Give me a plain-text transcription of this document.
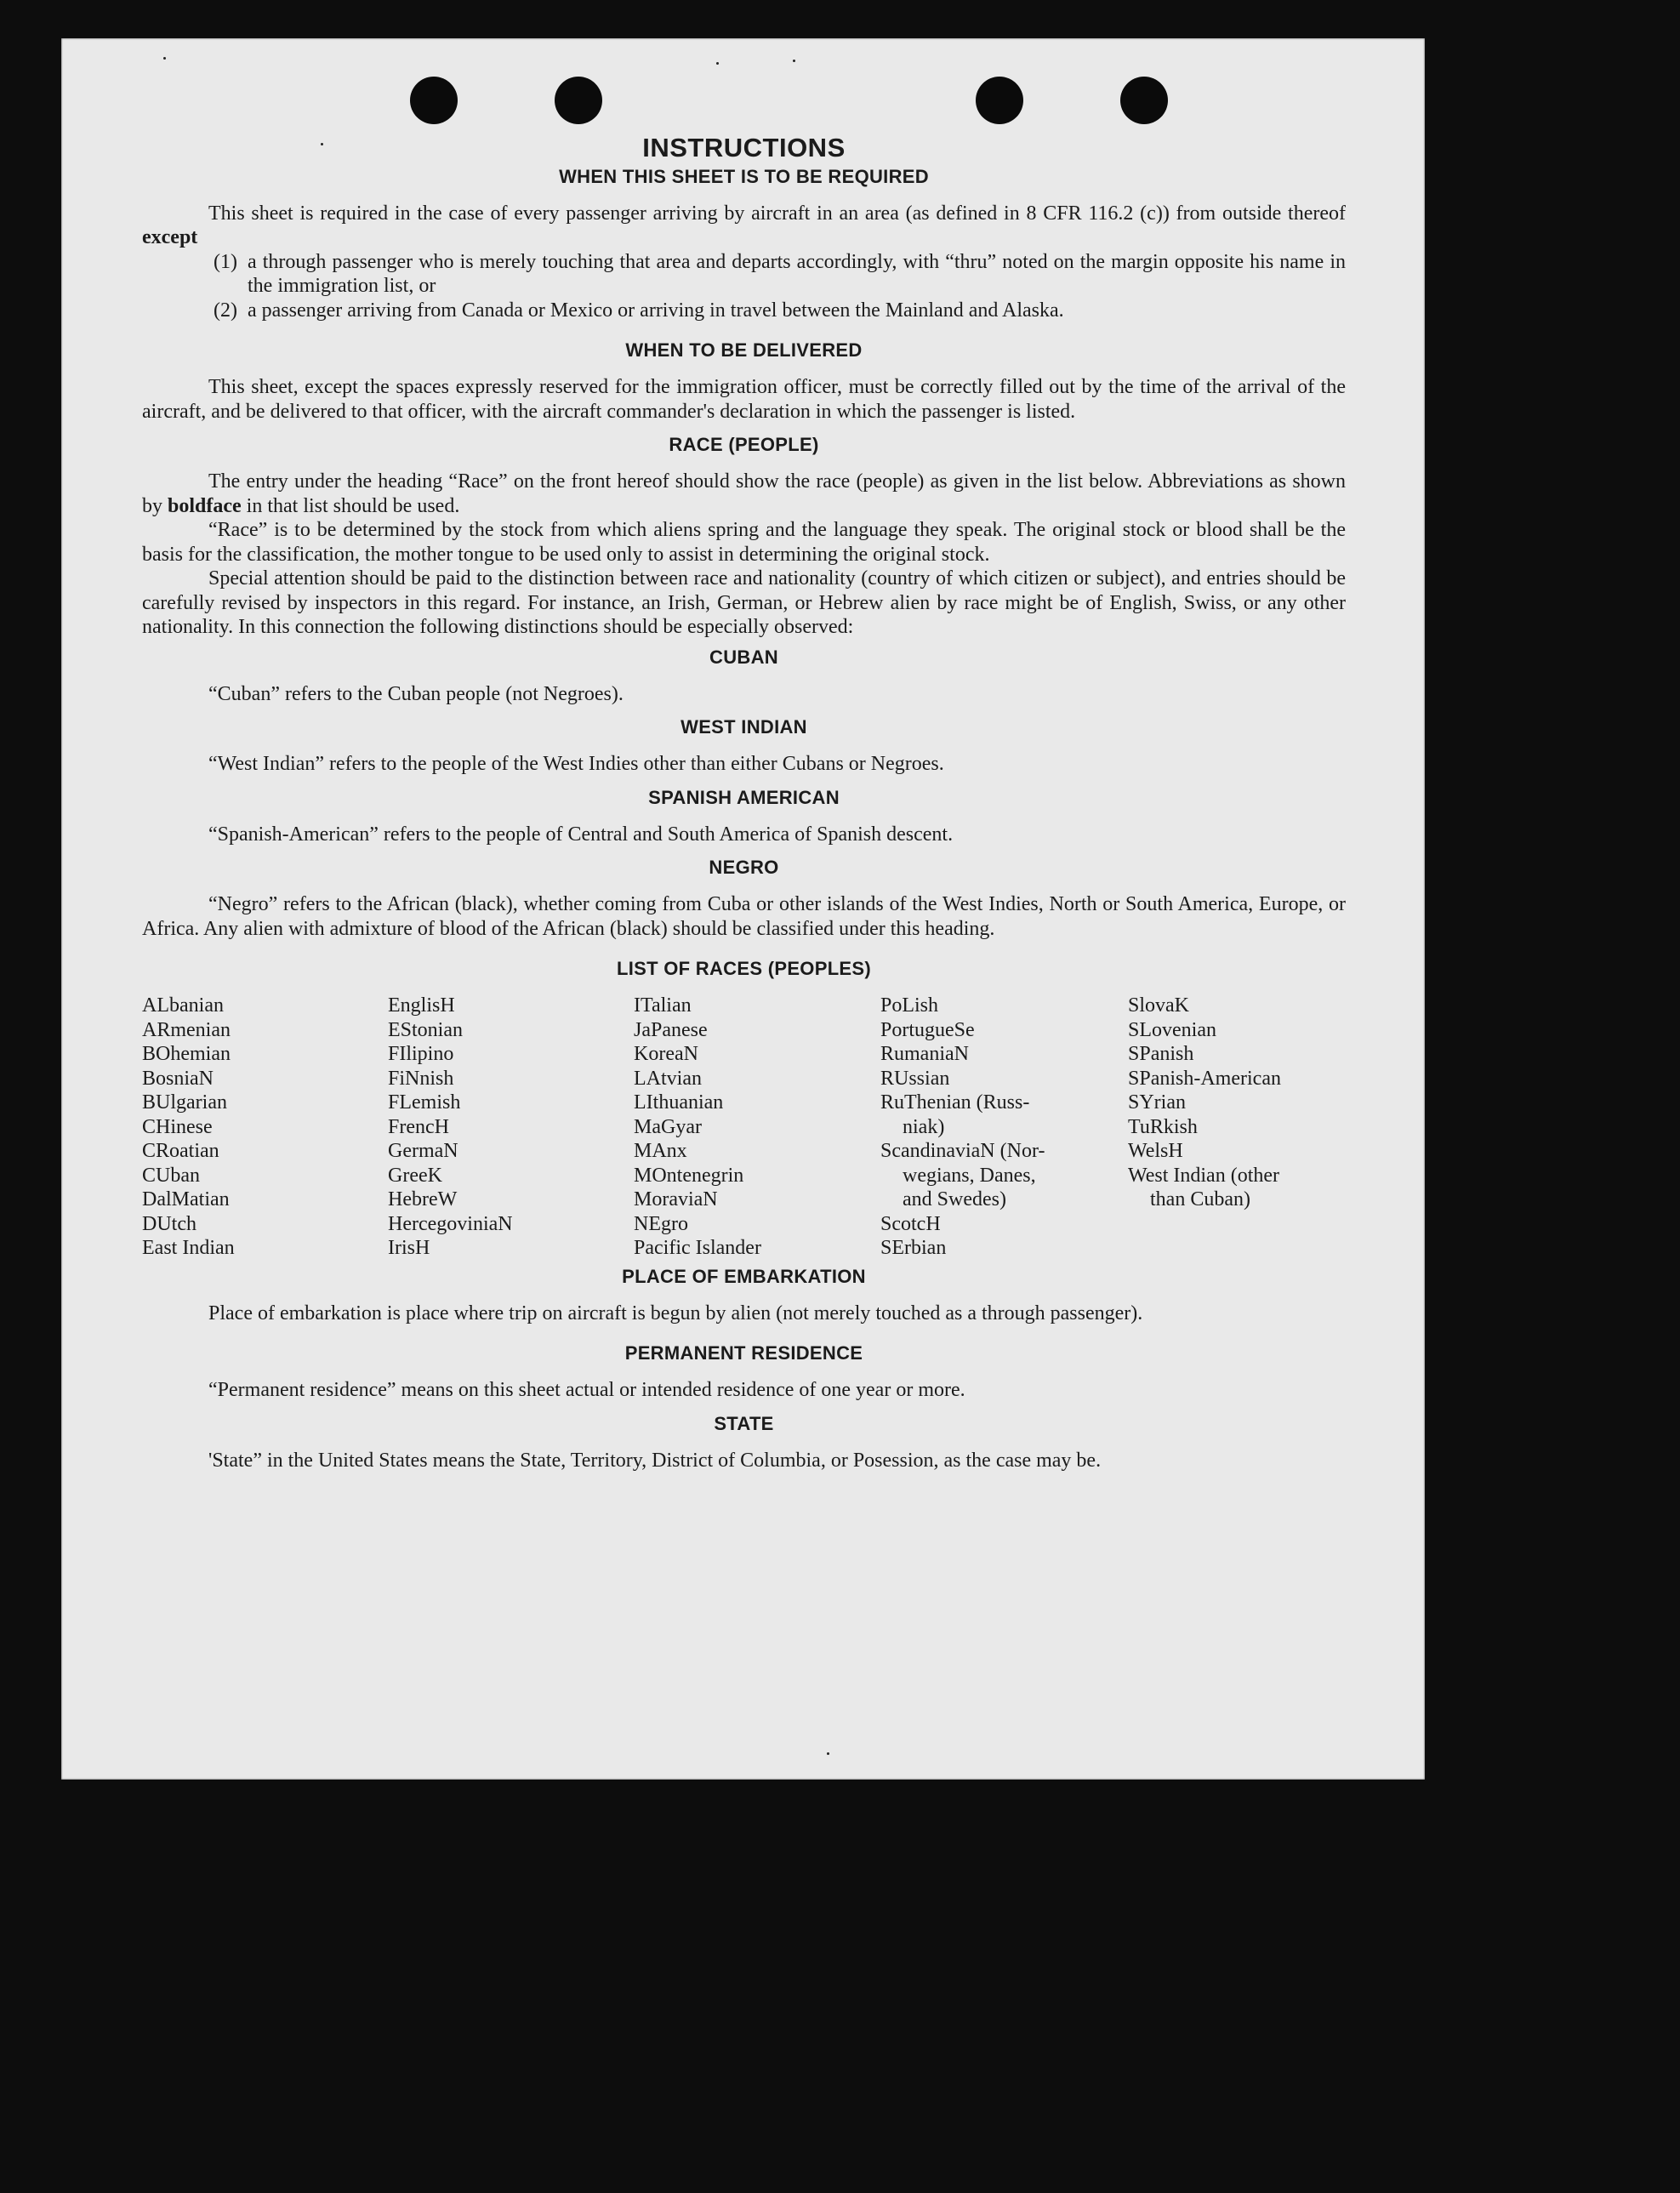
INSTRUCTIONS
WHEN THIS SHEET IS TO BE REQUIRED

This sheet is required in the case of every passenger arriving by aircraft in an area (as defined in 8 CFR 116.2 (c)) from outside thereof except

(1) a through passenger who is merely touching that area and departs accordingly, with “thru” noted on the margin opposite his name in the immigration list, or
(2) a passenger arriving from Canada or Mexico or arriving in travel between the Mainland and Alaska.
WHEN TO BE DELIVERED

This sheet, except the spaces expressly reserved for the immigration officer, must be correctly filled out by the time of the arrival of the aircraft, and be delivered to that officer, with the aircraft commander's declaration in which the passenger is listed.

RACE (PEOPLE)

The entry under the heading “Race” on the front hereof should show the race (people) as given in the list below. Abbreviations as shown by boldface in that list should be used.

“Race” is to be determined by the stock from which aliens spring and the language they speak. The original stock or blood shall be the basis for the classification, the mother tongue to be used only to assist in determining the original stock.

Special attention should be paid to the distinction between race and nationality (country of which citizen or subject), and entries should be carefully revised by inspectors in this regard. For instance, an Irish, German, or Hebrew alien by race might be of English, Swiss, or any other nationality. In this connection the following distinctions should be especially observed:

CUBAN

“Cuban” refers to the Cuban people (not Negroes).

WEST INDIAN

“West Indian” refers to the people of the West Indies other than either Cubans or Negroes.

SPANISH AMERICAN

“Spanish-American” refers to the people of Central and South America of Spanish descent.

NEGRO

“Negro” refers to the African (black), whether coming from Cuba or other islands of the West Indies, North or South America, Europe, or Africa. Any alien with admixture of blood of the African (black) should be classified under this heading.

LIST OF RACES (PEOPLES)
ALbanian
ARmenian
BOhemian
BosniaN
BUlgarian
CHinese
CRoatian
CUban
DalMatian
DUtch
East Indian
EnglisH
EStonian
FIlipino
FiNnish
FLemish
FrencH
GermaN
GreeK
HebreW
HercegoviniaN
IrisH
ITalian
JaPanese
KoreaN
LAtvian
LIthuanian
MaGyar
MAnx
MOntenegrin
MoraviaN
NEgro
Pacific Islander
PoLish
PortugueSe
RumaniaN
RUssian
RuThenian (Russ-
niak)
ScandinaviaN (Nor-
wegians, Danes,
and Swedes)
ScotcH
SErbian
SlovaK
SLovenian
SPanish
SPanish-American
SYrian
TuRkish
WelsH
West Indian (other
than Cuban)
PLACE OF EMBARKATION

Place of embarkation is place where trip on aircraft is begun by alien (not merely touched as a through passenger).

PERMANENT RESIDENCE

“Permanent residence” means on this sheet actual or intended residence of one year or more.

STATE

'State” in the United States means the State, Territory, District of Columbia, or Posession, as the case may be.
